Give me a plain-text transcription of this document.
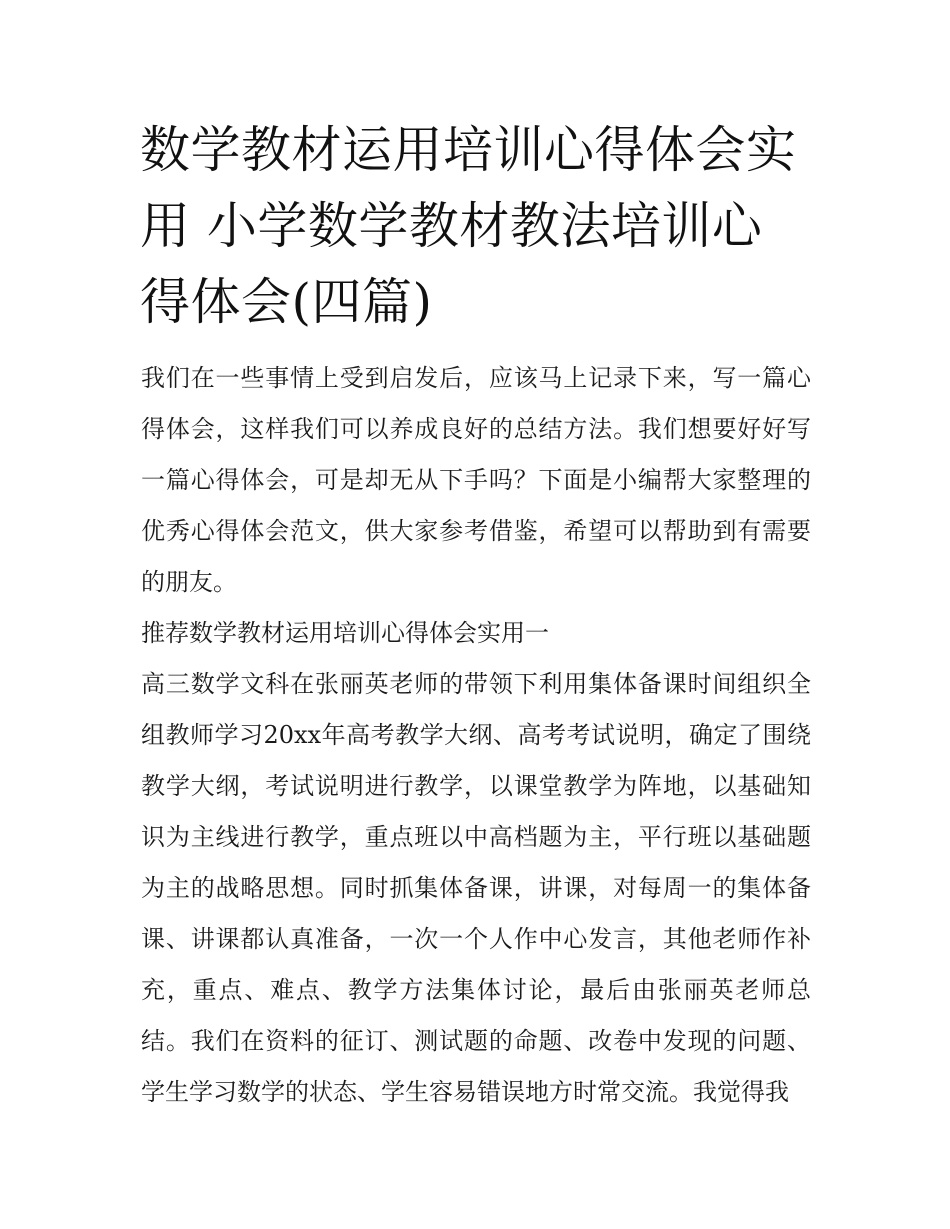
数学教材运用培训心得体会实用 小学数学教材教法培训心得体会(四篇)

我们在一些事情上受到启发后，应该马上记录下来，写一篇心得体会，这样我们可以养成良好的总结方法。我们想要好好写一篇心得体会，可是却无从下手吗？下面是小编帮大家整理的优秀心得体会范文，供大家参考借鉴，希望可以帮助到有需要的朋友。

推荐数学教材运用培训心得体会实用一

高三数学文科在张丽英老师的带领下利用集体备课时间组织全组教师学习20xx年高考教学大纲、高考考试说明，确定了围绕教学大纲，考试说明进行教学，以课堂教学为阵地，以基础知识为主线进行教学，重点班以中高档题为主，平行班以基础题为主的战略思想。同时抓集体备课，讲课，对每周一的集体备课、讲课都认真准备，一次一个人作中心发言，其他老师作补充，重点、难点、教学方法集体讨论，最后由张丽英老师总结。我们在资料的征订、测试题的命题、改卷中发现的问题、学生学习数学的状态、学生容易错误地方时常交流。我觉得我
